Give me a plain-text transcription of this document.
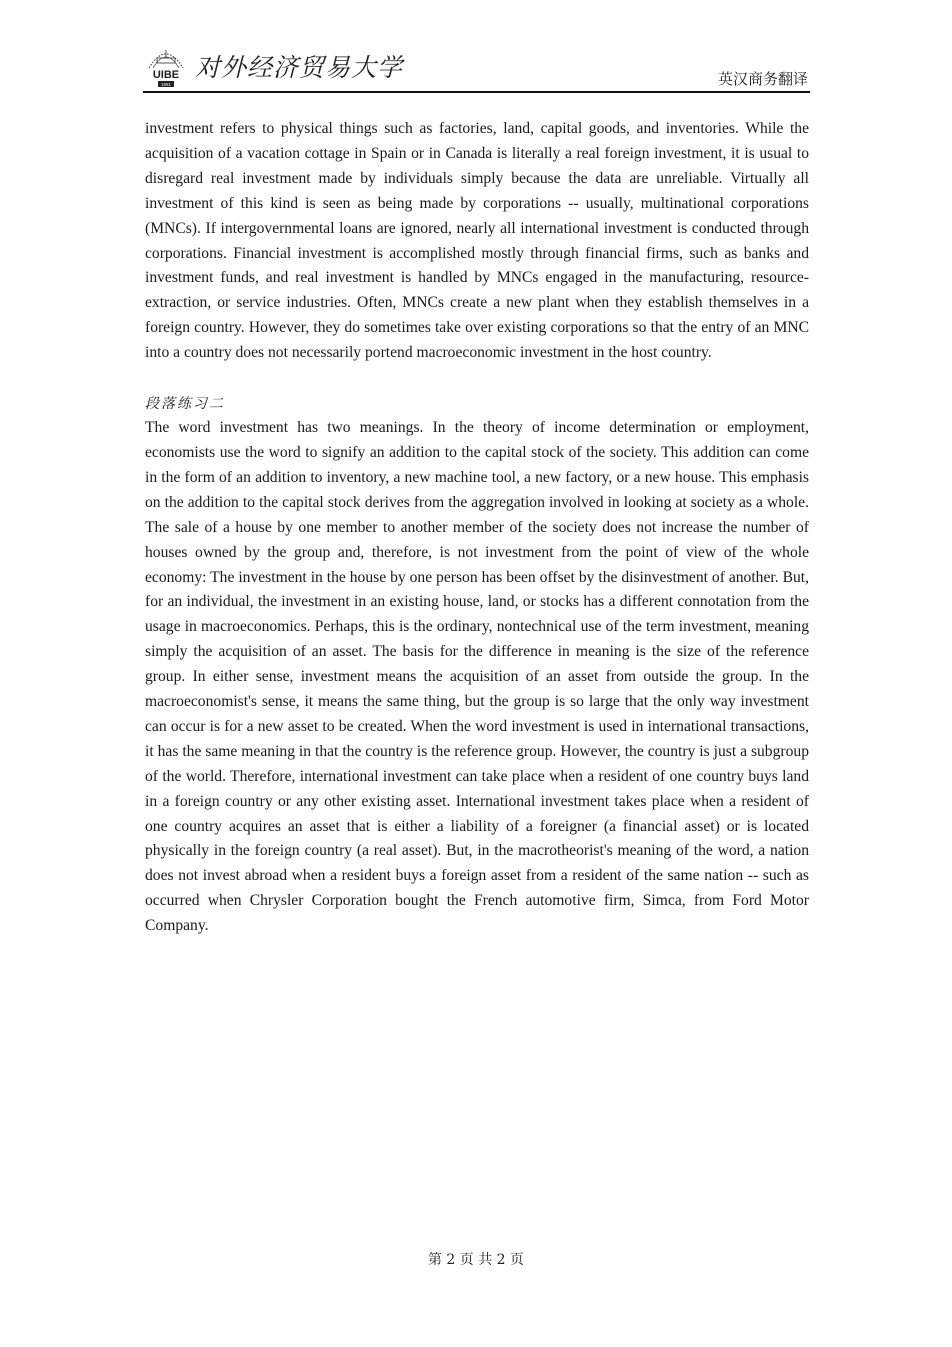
UIBE
1951
对外经济贸易大学	英汉商务翻译

investment refers to physical things such as factories, land, capital goods, and inventories. While the acquisition of a vacation cottage in Spain or in Canada is literally a real foreign investment, it is usual to disregard real investment made by individuals simply because the data are unreliable. Virtually all investment of this kind is seen as being made by corporations -- usually, multinational corporations (MNCs). If intergovernmental loans are ignored, nearly all international investment is conducted through corporations. Financial investment is accomplished mostly through financial firms, such as banks and investment funds, and real investment is handled by MNCs engaged in the manufacturing, resource-extraction, or service industries. Often, MNCs create a new plant when they establish themselves in a foreign country. However, they do sometimes take over existing corporations so that the entry of an MNC into a country does not necessarily portend macroeconomic investment in the host country.

段落练习二

The word investment has two meanings. In the theory of income determination or employment, economists use the word to signify an addition to the capital stock of the society. This addition can come in the form of an addition to inventory, a new machine tool, a new factory, or a new house. This emphasis on the addition to the capital stock derives from the aggregation involved in looking at society as a whole. The sale of a house by one member to another member of the society does not increase the number of houses owned by the group and, therefore, is not investment from the point of view of the whole economy: The investment in the house by one person has been offset by the disinvestment of another. But, for an individual, the investment in an existing house, land, or stocks has a different connotation from the usage in macroeconomics. Perhaps, this is the ordinary, nontechnical use of the term investment, meaning simply the acquisition of an asset. The basis for the difference in meaning is the size of the reference group. In either sense, investment means the acquisition of an asset from outside the group. In the macroeconomist's sense, it means the same thing, but the group is so large that the only way investment can occur is for a new asset to be created. When the word investment is used in international transactions, it has the same meaning in that the country is the reference group. However, the country is just a subgroup of the world. Therefore, international investment can take place when a resident of one country buys land in a foreign country or any other existing asset. International investment takes place when a resident of one country acquires an asset that is either a liability of a foreigner (a financial asset) or is located physically in the foreign country (a real asset). But, in the macrotheorist's meaning of the word, a nation does not invest abroad when a resident buys a foreign asset from a resident of the same nation -- such as occurred when Chrysler Corporation bought the French automotive firm, Simca, from Ford Motor Company.

第 2 页 共 2 页
